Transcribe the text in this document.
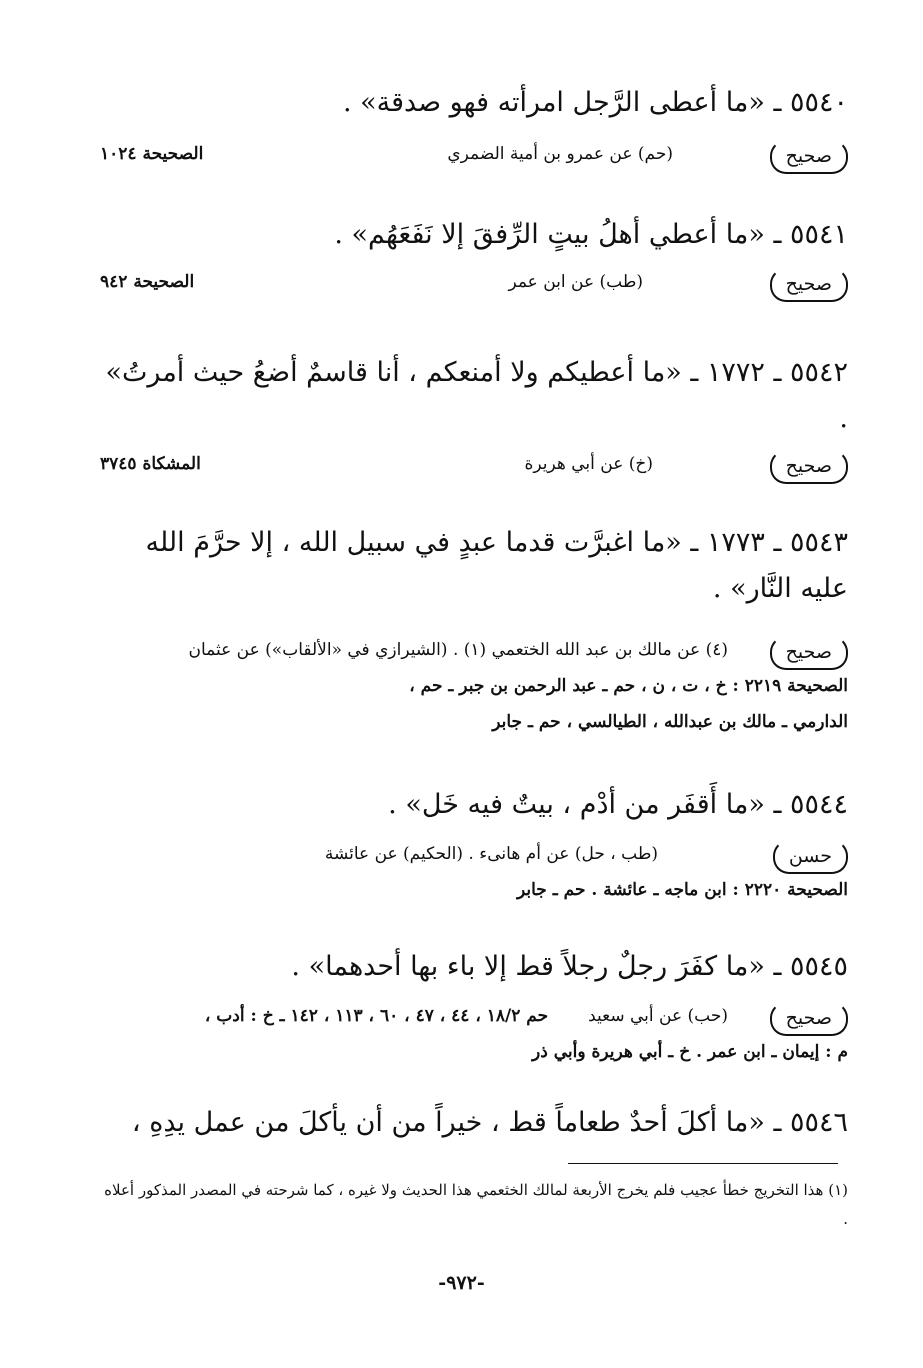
٥٥٤٠ ـ «ما أعطى الرَّجل امرأته فهو صدقة» .
صحيح
(حم) عن عمرو بن أمية الضمري
الصحيحة ١٠٢٤
٥٥٤١ ـ «ما أعطي أهلُ بيتٍ الرِّفقَ إلا نَفَعَهُم» .
صحيح
(طب) عن ابن عمر
الصحيحة ٩٤٢
٥٥٤٢ ـ ١٧٧٢ ـ «ما أعطيكم ولا أمنعكم ، أنا قاسمٌ أضعُ حيث أمرتُ» .
صحيح
(خ) عن أبي هريرة
المشكاة ٣٧٤٥
٥٥٤٣ ـ ١٧٧٣ ـ «ما اغبرَّت قدما عبدٍ في سبيل الله ، إلا حرَّمَ الله عليه النَّار» .
صحيح
(٤) عن مالك بن عبد الله الختعمي (١) . (الشيرازي في «الألقاب») عن عثمان
الصحيحة ٢٢١٩ : خ ، ت ، ن ، حم ـ عبد الرحمن بن جبر ـ حم ،
الدارمي ـ مالك بن عبدالله ، الطيالسي ، حم ـ جابر
٥٥٤٤ ـ «ما أَقفَر من أدْم ، بيتٌ فيه خَل» .
حسن
(طب ، حل) عن أم هانىء . (الحكيم) عن عائشة
الصحيحة ٢٢٢٠ : ابن ماجه ـ عائشة . حم ـ جابر
٥٥٤٥ ـ «ما كفَرَ رجلٌ رجلاً قط إلا باء بها أحدهما» .
صحيح
(حب) عن أبي سعيد
حم ١٨/٢ ، ٤٤ ، ٤٧ ، ٦٠ ، ١١٣ ، ١٤٢ ـ خ : أدب ،
م : إيمان ـ ابن عمر . خ ـ أبي هريرة وأبي ذر
٥٥٤٦ ـ «ما أكلَ أحدٌ طعاماً قط ، خيراً من أن يأكلَ من عمل يدِهِ ،
(١) هذا التخريج خطأ عجيب فلم يخرج الأربعة لمالك الخثعمي هذا الحديث ولا غيره ، كما شرحته في المصدر المذكور أعلاه .
-٩٧٢-
